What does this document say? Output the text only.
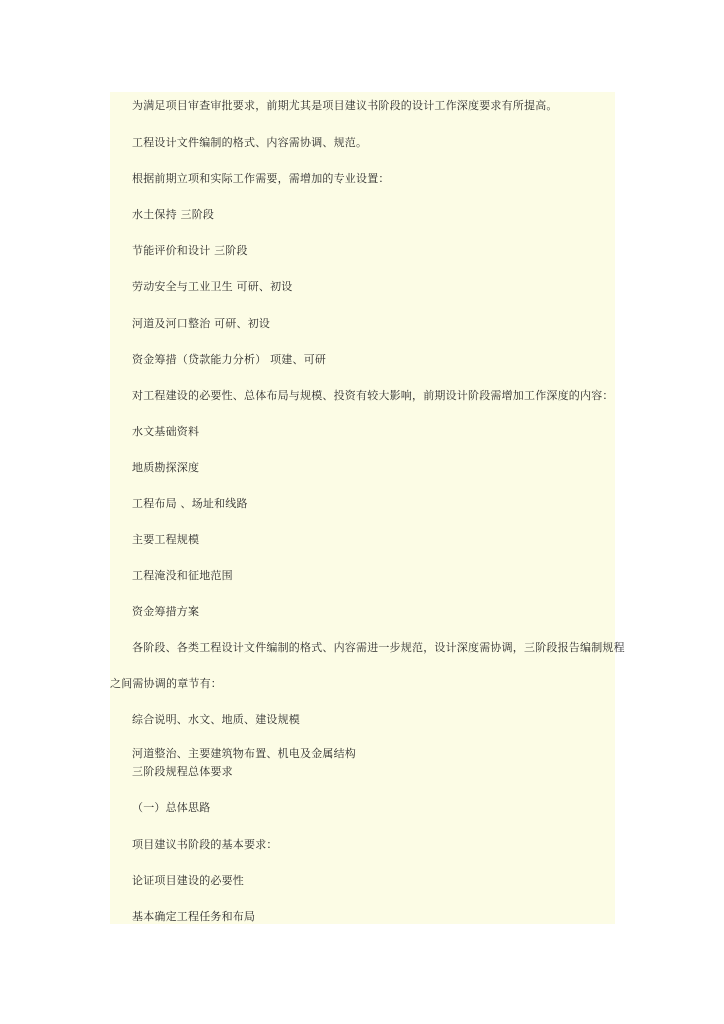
为满足项目审查审批要求，前期尤其是项目建议书阶段的设计工作深度要求有所提高。
工程设计文件编制的格式、内容需协调、规范。
根据前期立项和实际工作需要，需增加的专业设置：
水土保持 三阶段
节能评价和设计 三阶段
劳动安全与工业卫生 可研、初设
河道及河口整治 可研、初设
资金筹措（贷款能力分析） 项建、可研
对工程建设的必要性、总体布局与规模、投资有较大影响，前期设计阶段需增加工作深度的内容：
水文基础资料
地质勘探深度
工程布局 、场址和线路
主要工程规模
工程淹没和征地范围
资金筹措方案
各阶段、各类工程设计文件编制的格式、内容需进一步规范，设计深度需协调，三阶段报告编制规程
之间需协调的章节有：
综合说明、水文、地质、建设规模
河道整治、主要建筑物布置、机电及金属结构
三阶段规程总体要求
（一）总体思路
项目建议书阶段的基本要求：
论证项目建设的必要性
基本确定工程任务和布局
